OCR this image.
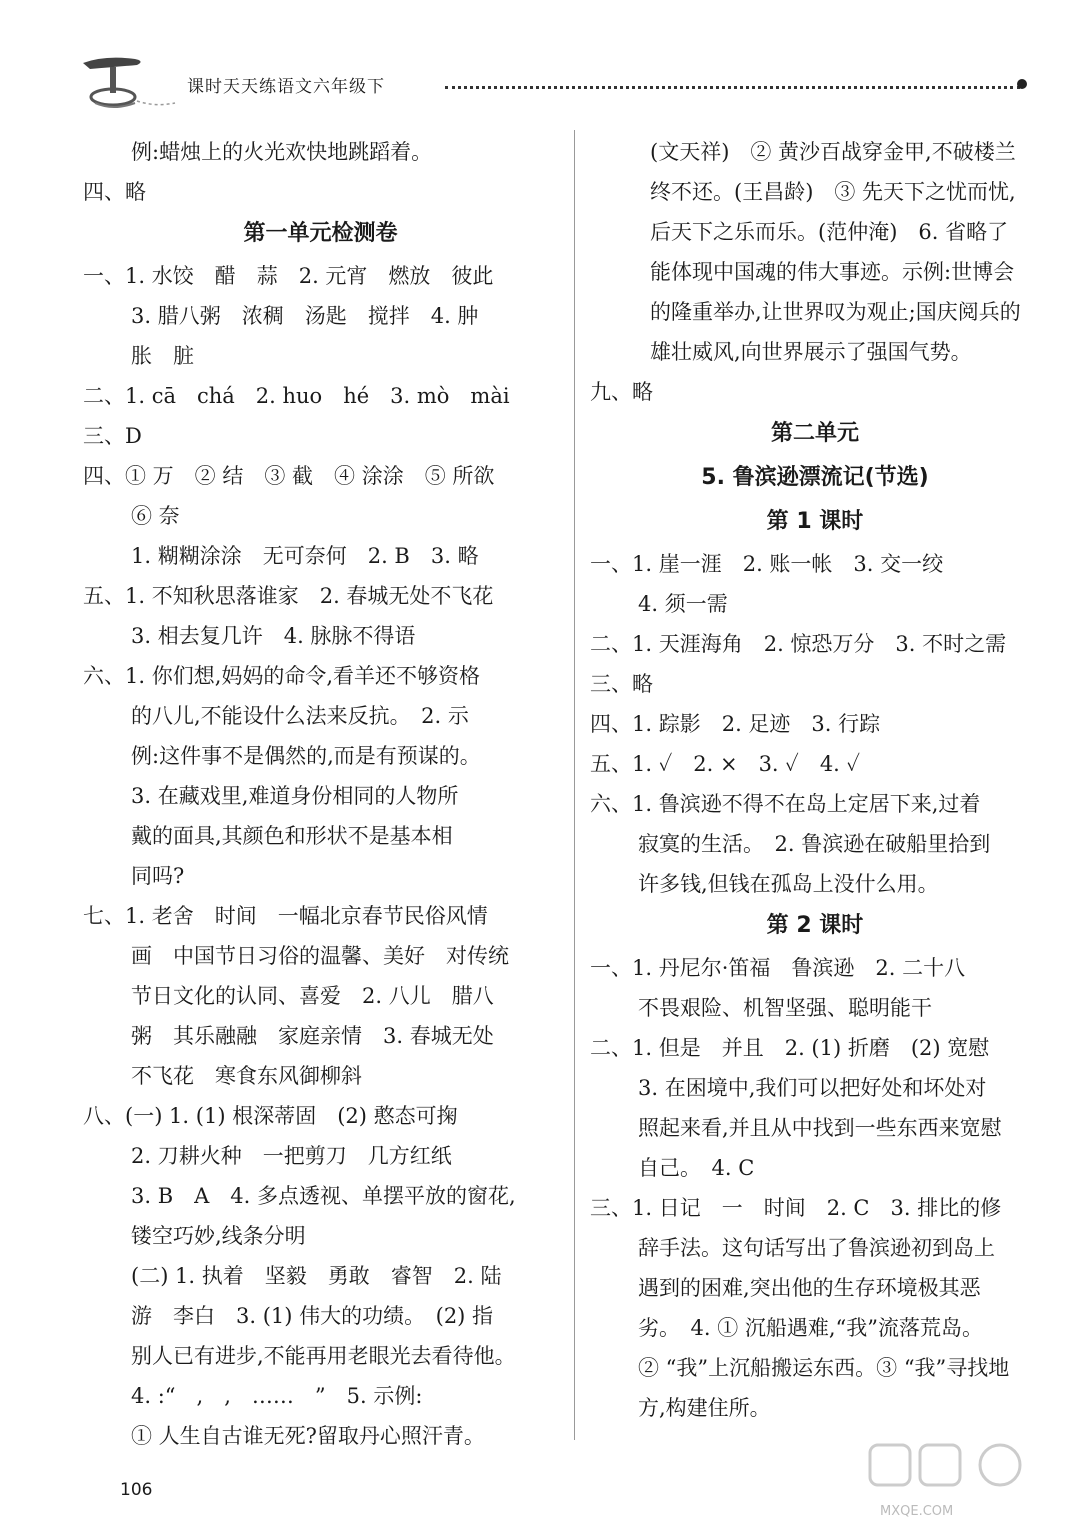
课时天天练语文六年级下
例:蜡烛上的火光欢快地跳蹈着。
四、略
第一单元检测卷
一、1. 水饺　醋　蒜　2. 元宵　燃放　彼此
3. 腊八粥　浓稠　汤匙　搅拌　4. 肿
胀　脏
二、1. cā　chá　2. huo　hé　3. mò　mài
三、D
四、① 万　② 结　③ 截　④ 涂涂　⑤ 所欲
⑥ 奈
1. 糊糊涂涂　无可奈何　2. B　3. 略
五、1. 不知秋思落谁家　2. 春城无处不飞花
3. 相去复几许　4. 脉脉不得语
六、1. 你们想,妈妈的命令,看羊还不够资格
的八儿,不能设什么法来反抗。　2. 示
例:这件事不是偶然的,而是有预谋的。
3. 在藏戏里,难道身份相同的人物所
戴的面具,其颜色和形状不是基本相
同吗?
七、1. 老舍　时间　一幅北京春节民俗风情
画　中国节日习俗的温馨、美好　对传统
节日文化的认同、喜爱　2. 八儿　腊八
粥　其乐融融　家庭亲情　3. 春城无处
不飞花　寒食东风御柳斜
八、(一) 1. (1) 根深蒂固　(2) 憨态可掬
2. 刀耕火种　一把剪刀　几方红纸
3. B　A　4. 多点透视、单摆平放的窗花,
镂空巧妙,线条分明
(二) 1. 执着　坚毅　勇敢　睿智　2. 陆
游　李白　3. (1) 伟大的功绩。　(2) 指
别人已有进步,不能再用老眼光去看待他。
4. :“　,　,　……　”　5. 示例:
① 人生自古谁无死?留取丹心照汗青。
(文天祥)　② 黄沙百战穿金甲,不破楼兰
终不还。(王昌龄)　③ 先天下之忧而忧,
后天下之乐而乐。(范仲淹)　6. 省略了
能体现中国魂的伟大事迹。示例:世博会
的隆重举办,让世界叹为观止;国庆阅兵的
雄壮威风,向世界展示了强国气势。
九、略
第二单元
5. 鲁滨逊漂流记(节选)
第 1 课时
一、1. 崖一涯　2. 账一帐　3. 交一绞
4. 须一需
二、1. 天涯海角　2. 惊恐万分　3. 不时之需
三、略
四、1. 踪影　2. 足迹　3. 行踪
五、1. ✓　2. ×　3. ✓　4. ✓
六、1. 鲁滨逊不得不在岛上定居下来,过着
寂寞的生活。　2. 鲁滨逊在破船里拾到
许多钱,但钱在孤岛上没什么用。
第 2 课时
一、1. 丹尼尔·笛福　鲁滨逊　2. 二十八
不畏艰险、机智坚强、聪明能干
二、1. 但是　并且　2. (1) 折磨　(2) 宽慰
3. 在困境中,我们可以把好处和坏处对
照起来看,并且从中找到一些东西来宽慰
自己。　4. C
三、1. 日记　一　时间　2. C　3. 排比的修
辞手法。这句话写出了鲁滨逊初到岛上
遇到的困难,突出他的生存环境极其恶
劣。　4. ① 沉船遇难,“我”流落荒岛。
② “我”上沉船搬运东西。③ “我”寻找地
方,构建住所。
106
MXQE.COM
